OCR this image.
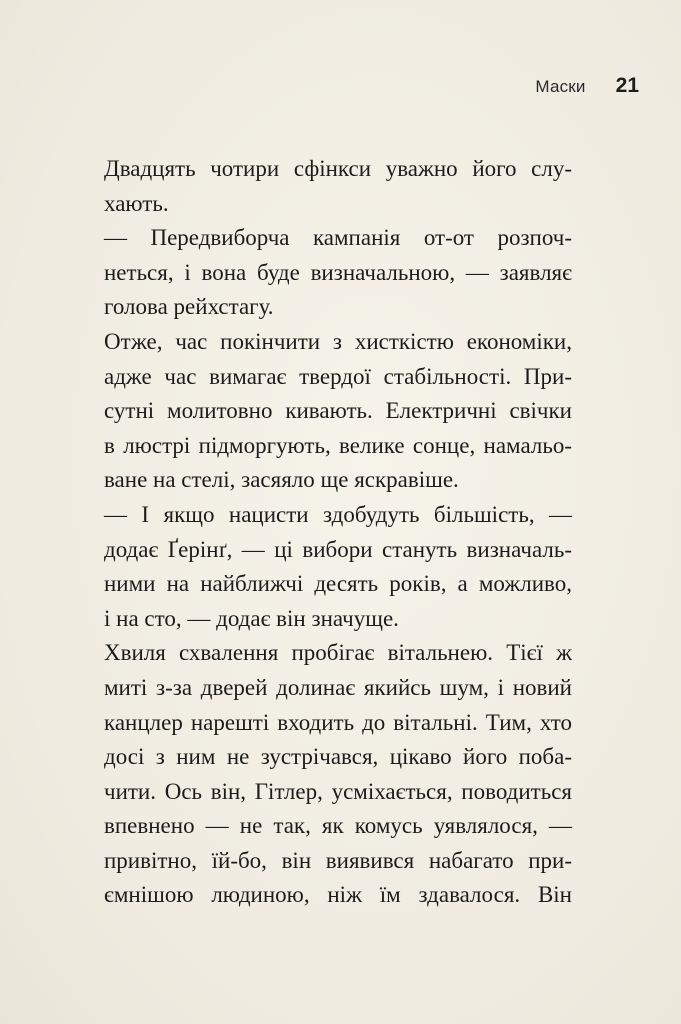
Маски 21
Двадцять чотири сфінкси уважно його слу-
хають.
— Передвиборча кампанія от-от розпоч-
неться, і вона буде визначальною, — заявляє
голова рейхстагу.
Отже, час покінчити з хисткістю економіки,
адже час вимагає твердої стабільності. При-
сутні молитовно кивають. Електричні свічки
в люстрі підморгують, велике сонце, намальо-
ване на стелі, засяяло ще яскравіше.
— І якщо нацисти здобудуть більшість, —
додає Ґерінґ, — ці вибори стануть визначаль-
ними на найближчі десять років, а можливо,
і на сто, — додає він значуще.
Хвиля схвалення пробігає вітальнею. Тієї ж
миті з-за дверей долинає якийсь шум, і новий
канцлер нарешті входить до вітальні. Тим, хто
досі з ним не зустрічався, цікаво його поба-
чити. Ось він, Гітлер, усміхається, поводиться
впевнено — не так, як комусь уявлялося, —
привітно, їй-бо, він виявився набагато при-
ємнішою людиною, ніж їм здавалося. Він
